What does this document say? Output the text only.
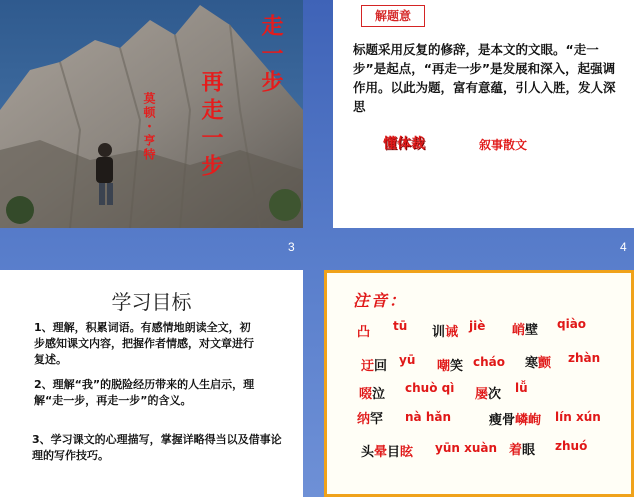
走一步
再走一步
莫顿・亨特
3
解题意
标题采用反复的修辞，是本文的文眼。“走一步”是起点，“再走一步”是发展和深入，起强调作用。以此为题，富有意蕴，引人入胜，发人深思
懂体裁	叙事散文
4
学习目标
1、理解，积累词语。有感情地朗读全文，初步感知课文内容，把握作者情感，对文章进行复述。
2、理解“我”的脱险经历带来的人生启示，理解“走一步，再走一步”的含义。
3、学习课文的心理描写，掌握详略得当以及借事论理的写作技巧。
注音：
凸 tū 训诫 jiè 峭壁 qiào
迂回 yū 嘲笑 cháo 寒颤 zhàn
啜泣 chuò qì 屡次 lǚ
纳罕 nà hǎn	瘦骨嶙峋 lín xún
头晕目眩 yūn xuàn 着眼 zhuó
